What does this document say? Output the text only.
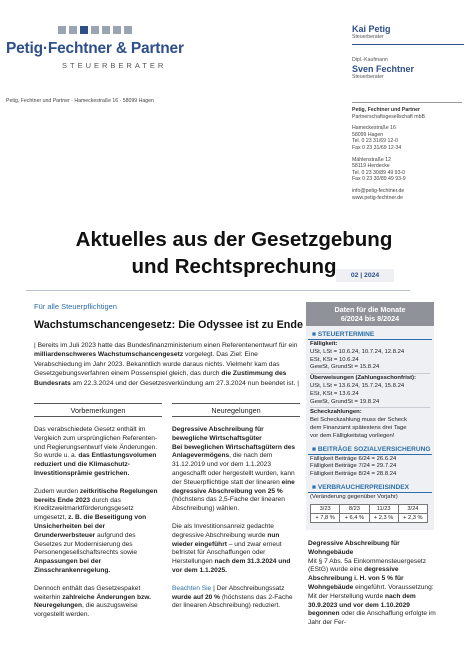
Petig·Fechtner & Partner
STEUERBERATER
Petig, Fechtner und Partner · Hameckestraße 16 · 58099 Hagen
Kai Petig
Steuerberater
Dipl.-Kaufmann
Sven Fechtner
Steuerberater
Petig, Fechtner und Partner
Partnerschaftsgesellschaft mbB
Hameckestraße 16
58099 Hagen
Tel. 0 23 31/69 12-0
Fax 0 23 31/69 12-34
Mählenstraße 12
58119 Herdecke
Tel. 0 23 30/89 49 93-0
Fax 0 23 30/89 49 93-9
info@petig-fechtner.de
www.petig-fechtner.de
Aktuelles aus der Gesetzgebung
und Rechtsprechung	02 | 2024
Für alle Steuerpflichtigen
Wachstumschancengesetz: Die Odyssee ist zu Ende
| Bereits im Juli 2023 hatte das Bundesfinanzministerium einen Referentenentwurf für ein milliardenschweres Wachstumschancengesetz vorgelegt. Das Ziel: Eine Verabschiedung im Jahr 2023. Bekanntlich wurde daraus nichts. Vielmehr kam das Gesetzgebungsverfahren einem Possenspiel gleich, das durch die Zustimmung des Bundesrats am 22.3.2024 und der Gesetzesverkündung am 27.3.2024 nun beendet ist. |
Vorbemerkungen	Neuregelungen

Das verabschiedete Gesetz enthält im Vergleich zum ursprünglichen Referenten- und Regierungsentwurf viele Änderungen. So wurde u. a. das Entlastungsvolumen reduziert und die Klimaschutz-Investitionsprämie gestrichen.

Zudem wurden zeitkritische Regelungen bereits Ende 2023 durch das Kreditzweitmarktförderungsgesetz umgesetzt, z. B. die Beseitigung von Unsicherheiten bei der Grunderwerbsteuer aufgrund des Gesetzes zur Modernisierung des Personengesellschaftsrechts sowie Anpassungen bei der Zinsschrankenregelung.

Dennoch enthält das Gesetzespaket weiterhin zahlreiche Änderungen bzw. Neuregelungen, die auszugsweise vorgestellt werden.

Degressive Abschreibung für bewegliche Wirtschaftsgüter
Bei beweglichen Wirtschaftsgütern des Anlagevermögens, die nach dem 31.12.2019 und vor dem 1.1.2023 angeschafft oder hergestellt wurden, kann der Steuerpflichtige statt der linearen eine degressive Abschreibung von 25 % (höchstens das 2,5-Fache der linearen Abschreibung) wählen.

Die als Investitionsanreiz gedachte degressive Abschreibung wurde nun wieder eingeführt – und zwar erneut befristet für Anschaffungen oder Herstellungen nach dem 31.3.2024 und vor dem 1.1.2025.

Beachten Sie | Der Abschreibungssatz wurde auf 20 % (höchstens das 2-Fache der linearen Abschreibung) reduziert.

Daten für die Monate
6/2024 bis 8/2024
■ STEUERTERMINE
Fälligkeit:
USt, LSt = 10.6.24, 10.7.24, 12.8.24
ESt, KSt = 10.6.24
GewSt, GrundSt = 15.8.24
Überweisungen (Zahlungsschonfrist):
USt, LSt = 13.6.24, 15.7.24, 15.8.24
ESt, KSt = 13.6.24
GewSt, GrundSt = 19.8.24
Scheckzahlungen:
Bei Scheckzahlung muss der Scheck
dem Finanzamt spätestens drei Tage
vor dem Fälligkeitstag vorliegen!
■ BEITRÄGE SOZIALVERSICHERUNG
Fälligkeit Beiträge 6/24 = 26.6.24
Fälligkeit Beiträge 7/24 = 29.7.24
Fälligkeit Beiträge 8/24 = 28.8.24
■ VERBRAUCHERPREISINDEX
(Veränderung gegenüber Vorjahr)
3/23	8/23	11/23	3/24
+ 7,8 %	+ 6,4 %	+ 2,3 %	+ 2,3 %
Degressive Abschreibung für Wohngebäude
Mit § 7 Abs. 5a Einkommensteuergesetz (EStG) wurde eine degressive Abschreibung i. H. von 5 % für Wohngebäude eingeführt. Voraussetzung: Mit der Herstellung wurde nach dem 30.9.2023 und vor dem 1.10.2029 begonnen oder die Anschaffung erfolgte im Jahr der Fer-
